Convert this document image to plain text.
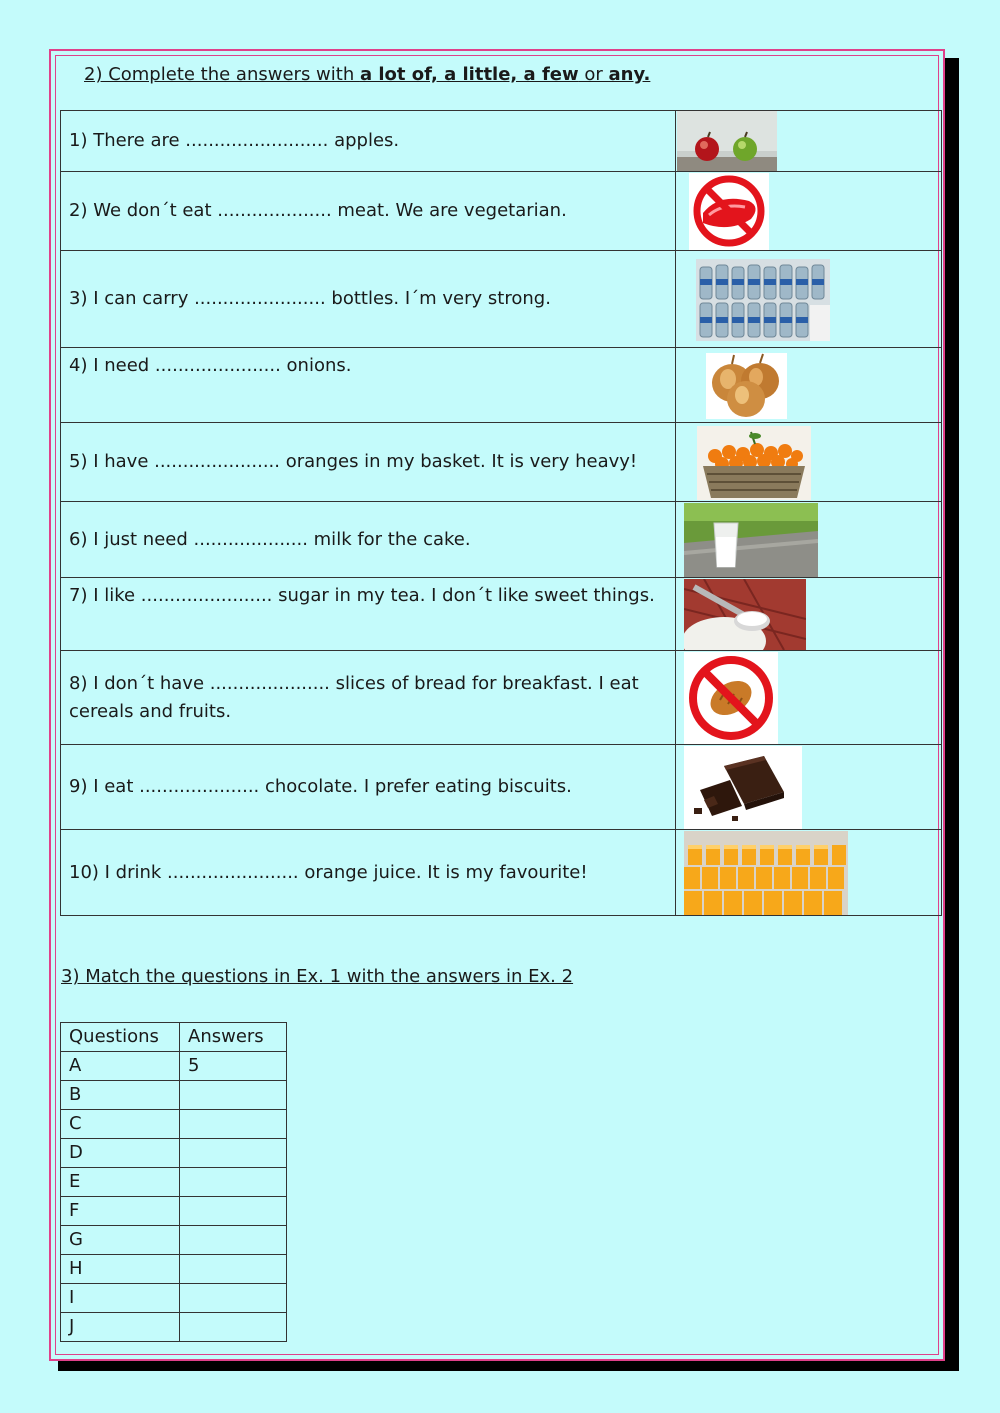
2) Complete the answers with a lot of, a little, a few or any.
1) There are ......................... apples.	

2) We don´t eat .................... meat. We are vegetarian.	

3) I can carry ....................... bottles. I´m very strong.	

4) I need ...................... onions.	

5) I have ...................... oranges in my basket. It is very heavy!	

6) I just need .................... milk for the cake.	

7) I like ....................... sugar in my tea. I don´t like sweet things.	

8) I don´t have ..................... slices of bread for breakfast. I eat cereals and fruits.	

9) I eat ..................... chocolate. I prefer eating biscuits.	

10) I drink ....................... orange juice. It is my favourite!	
3) Match the questions in Ex. 1 with the answers in Ex. 2
Questions	Answers
A	5
B	
C	
D	
E	
F	
G	
H	
I	
J	
